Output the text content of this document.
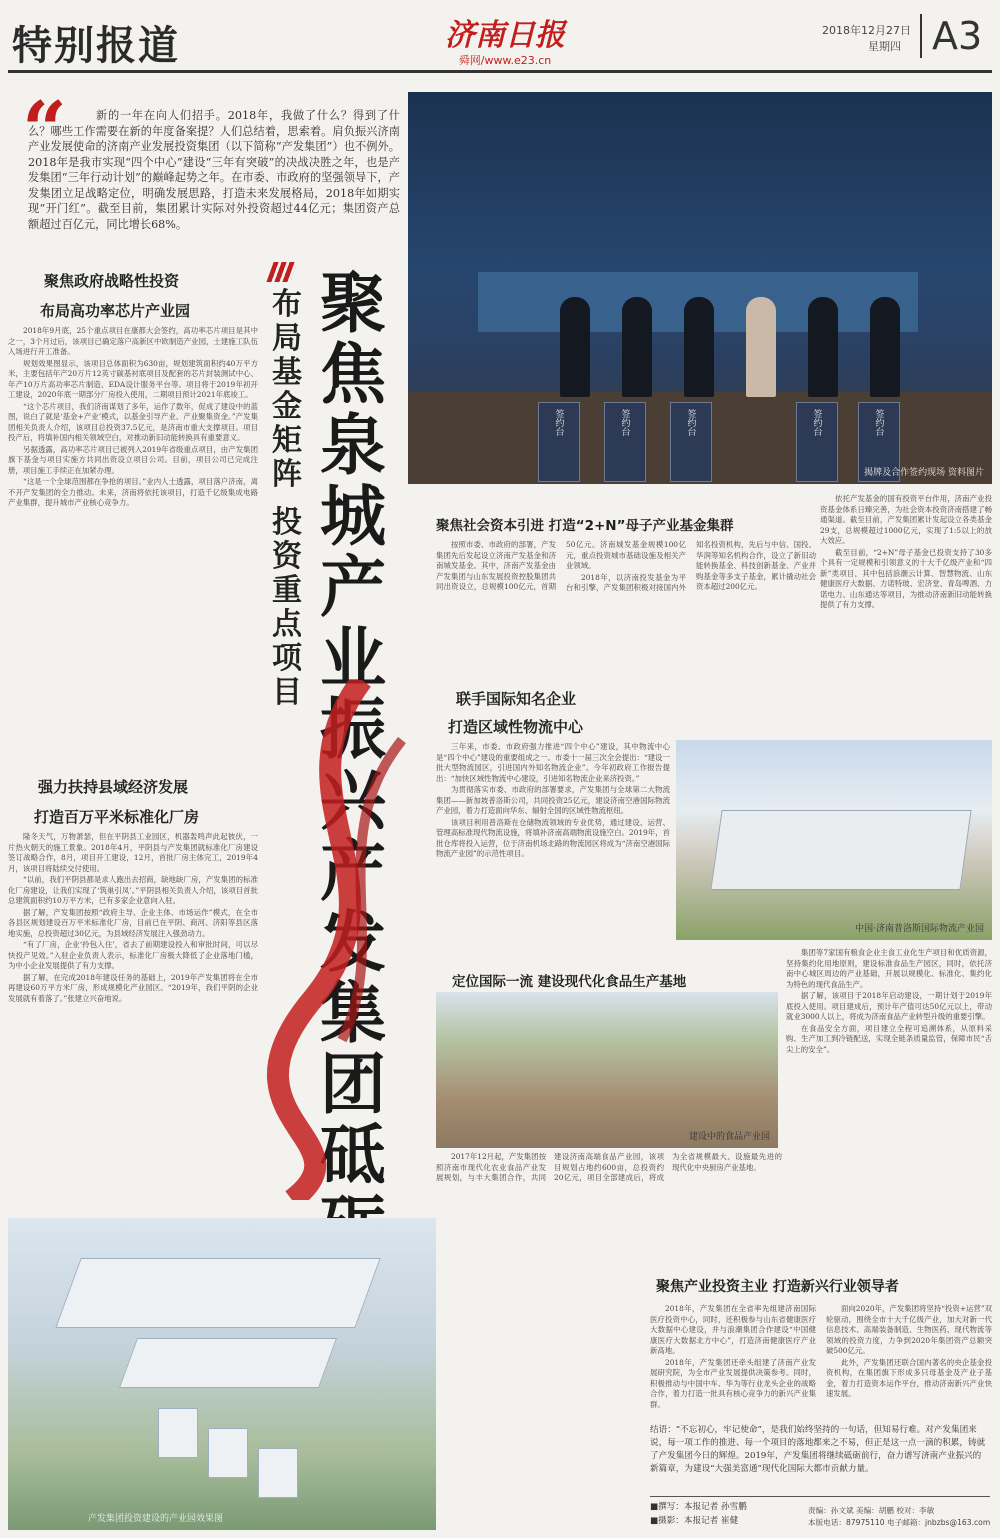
特别报道	济南日报
舜网/www.e23.cn
2018年12月27日
星期四 A3
“	新的一年在向人们招手。2018年，我做了什么？得到了什么？哪些工作需要在新的年度备案提？人们总结着，思索着。肩负振兴济南产业发展使命的济南产业发展投资集团（以下简称“产发集团”）也不例外。 2018年是我市实现“四个中心”建设“三年有突破”的决战决胜之年，也是产发集团“三年行动计划”的巅峰起势之年。在市委、市政府的坚强领导下，产发集团立足战略定位，明确发展思路，打造未来发展格局，2018年如期实现“开门红”。截至目前，集团累计实际对外投资超过44亿元；集团资产总额超过百亿元，同比增长68%。
签约台	签约台	签约台	签约台	签约台
揭牌及合作签约现场 资料图片
布局基金矩阵
投资重点项目
聚焦泉城产业振兴产发集团砥
聚焦政府战略性投资
布局高功率芯片产业园

2018年9月底，25个重点项目在康都大会签约，高功率芯片项目是其中之一，3个月过后，该项目已确定落户高新区中欧制造产业园，土建施工队伍入场进行开工准备。

规划效果图显示，该项目总体面积为630亩，规划建筑面积约40万平方米，主要包括年产20万片12英寸碳基衬底项目及配套的芯片封装测试中心、年产10万片高功率芯片制造、EDA设计服务平台等。项目将于2019年初开工建设，2020年底一期部分厂房投入使用，二期项目预计2021年底竣工。

“这个芯片项目，我们济南谋划了多年，运作了数年，促成了建设中的蓝图，说白了就是‘基金+产业’模式，以基金引导产业、产业聚集资金。”产发集团相关负责人介绍，该项目总投资37.5亿元，是济南市重大支撑项目。项目投产后，将填补国内相关领域空白，对推动新旧动能转换具有重要意义。

另据透露，高功率芯片项目已被列入2019年省级重点项目，由产发集团旗下基金与项目实施方共同出资设立项目公司。目前，项目公司已完成注册，项目施工手续正在加紧办理。

“这是一个全球范围都在争抢的项目。”业内人士透露，项目落户济南，离不开产发集团的全力推动。未来，济南将依托该项目，打造千亿级集成电路产业集群，提升城市产业核心竞争力。

强力扶持县域经济发展
打造百万平米标准化厂房

隆冬天气，万物萧瑟，但在平阴县工业园区，机器轰鸣声此起彼伏，一片热火朝天的施工景象。2018年4月，平阴县与产发集团就标准化厂房建设签订战略合作，8月，项目开工建设，12月，首批厂房主体完工，2019年4月，该项目将陆续交付使用。

“以前，我们平阴县都是求人跑出去招商，缺地缺厂房，产发集团的标准化厂房建设，让我们实现了‘筑巢引凤’。”平阴县相关负责人介绍，该项目首批总建筑面积约10万平方米，已有多家企业意向入驻。

据了解，产发集团按照“政府主导、企业主体、市场运作”模式，在全市各县区规划建设百万平米标准化厂房，目前已在平阴、商河、济阳等县区落地实施，总投资超过30亿元，为县域经济发展注入强劲动力。

“有了厂房，企业‘拎包入住’，省去了前期建设投入和审批时间，可以尽快投产见效。”入驻企业负责人表示，标准化厂房极大降低了企业落地门槛，为中小企业发展提供了有力支撑。

据了解，在完成2018年建设任务的基础上，2019年产发集团将在全市再建设60万平方米厂房，形成规模化产业园区。“2019年，我们平阴的企业发展就有着落了。”张建立兴奋地说。

聚焦社会资本引进 打造“2+N”母子产业基金集群

按照市委、市政府的部署，产发集团先后发起设立济南产发基金和济南城发基金。其中，济南产发基金由产发集团与山东发展投资控股集团共同出资设立，总规模100亿元，首期50亿元。济南城发基金规模100亿元，重点投资城市基础设施及相关产业领域。

2018年，以济南投发基金为平台和引擎，产发集团积极对接国内外知名投资机构，先后与中信、国投、华润等知名机构合作，设立了新旧动能转换基金、科技创新基金、产业并购基金等多支子基金，累计撬动社会资本超过200亿元。

依托产发基金的国有投资平台作用，济南产业投资基金体系日臻完善，为社会资本投资济南搭建了畅通渠道。截至目前，产发集团累计发起设立各类基金29支，总规模超过1000亿元，实现了1:5以上的放大效应。

截至目前，“2+N”母子基金已投资支持了30多个具有一定规模和引领意义的十大千亿级产业和“四新”类项目，其中包括浪潮云计算、智慧物流、山东健康医疗大数据、力诺特玻、宏济堂、青岛啤酒、力诺电力、山东通达等项目，为推动济南新旧动能转换提供了有力支撑。

联手国际知名企业
打造区域性物流中心

三年来，市委、市政府强力推进“四个中心”建设，其中物流中心是“四个中心”建设的重要组成之一。市委十一届三次全会提出：“建设一批大型物流园区，引进国内外知名物流企业”。今年初政府工作报告提出：“加快区域性物流中心建设，引进知名物流企业来济投资。”

为贯彻落实市委、市政府的部署要求，产发集团与全球第二大物流集团——新加坡普洛斯公司，共同投资25亿元，建设济南空港国际物流产业园，着力打造面向华东、辐射全国的区域性物流枢纽。

该项目利用普洛斯在仓储物流领域的专业优势，通过建设、运营、管理高标准现代物流设施，将填补济南高端物流设施空白。2019年，首批仓库将投入运营，位于济南机场北路的物流园区将成为“济南空港国际物流产业园”的示范性项目。

中国·济南普洛斯国际物流产业园
定位国际一流 建设现代化食品生产基地
建设中的食品产业园

集团等7家国有粮食企业主食工业化生产项目和优质资源，坚持集约化用地原则，建设标准食品生产园区，同时，依托济南中心城区周边的产业基础，开展以规模化、标准化、集约化为特色的现代食品生产。

据了解，该项目于2018年启动建设，一期计划于2019年底投入使用。项目建成后，预计年产值可达50亿元以上，带动就业3000人以上，将成为济南食品产业转型升级的重要引擎。

在食品安全方面，项目建立全程可追溯体系，从原料采购、生产加工到冷链配送，实现全链条质量监管，保障市民“舌尖上的安全”。

2017年12月起，产发集团按照济南市现代化农业食品产业发展规划，与丰大集团合作，共同建设济南高端食品产业园，该项目规划占地约600亩，总投资约20亿元，项目全部建成后，将成为全省规模最大、设施最先进的现代化中央厨房产业基地。

产发集团投资建设的产业园效果图
聚焦产业投资主业 打造新兴行业领导者

2018年，产发集团在全省率先组建济南国际医疗投资中心，同时，还积极参与山东省健康医疗大数据中心建设，并与浪潮集团合作建设“中国健康医疗大数据北方中心”，打造济南健康医疗产业新高地。

2018年，产发集团还牵头组建了济南产业发展研究院，为全市产业发展提供决策参考。同时，积极推动与中国中车、华为等行业龙头企业的战略合作，着力打造一批具有核心竞争力的新兴产业集群。

面向2020年，产发集团将坚持“投资+运营”双轮驱动，围绕全市十大千亿级产业，加大对新一代信息技术、高端装备制造、生物医药、现代物流等领域的投资力度，力争到2020年集团资产总额突破500亿元。

此外，产发集团还联合国内著名的央企基金投资机构，在集团旗下形成多只母基金及产业子基金，着力打造资本运作平台，推动济南新兴产业快速发展。

结语：“不忘初心，牢记使命”，是我们始终坚持的一句话，但知易行难。对产发集团来说，每一项工作的推进、每一个项目的落地都来之不易，但正是这一点一滴的积累，铸就了产发集团今日的辉煌。2019年，产发集团将继续砥砺前行，奋力谱写济南产业振兴的新篇章，为建设“大强美富通”现代化国际大都市贡献力量。
■撰写：本报记者 孙雪鹏
■摄影：本报记者 崔健
责编：孙文斌 美编：胡鹏 校对：李敏
本版电话：87975110 电子邮箱：jnbzbs@163.com
